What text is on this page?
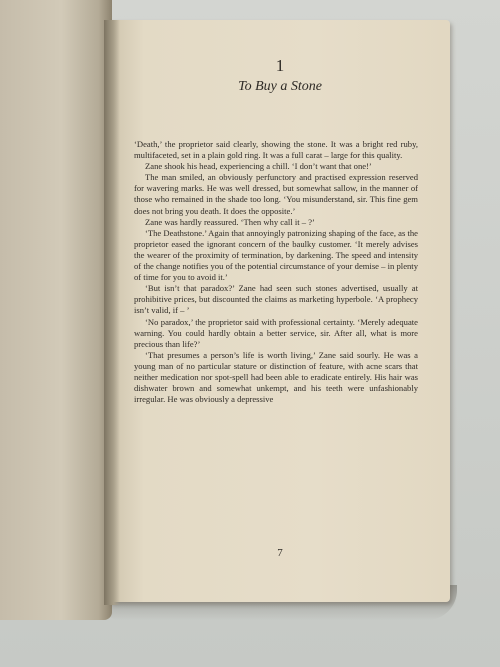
1
To Buy a Stone

‘Death,’ the proprietor said clearly, showing the stone. It was a bright red ruby, multifaceted, set in a plain gold ring. It was a full carat – large for this quality.

Zane shook his head, experiencing a chill. ‘I don’t want that one!’

The man smiled, an obviously perfunctory and practised expression reserved for wavering marks. He was well dressed, but somewhat sallow, in the manner of those who remained in the shade too long. ‘You misunderstand, sir. This fine gem does not bring you death. It does the opposite.’

Zane was hardly reassured. ‘Then why call it – ?’

‘The Deathstone.’ Again that annoyingly patronizing shaping of the face, as the proprietor eased the ignorant concern of the baulky customer. ‘It merely advises the wearer of the proximity of termination, by darkening. The speed and intensity of the change notifies you of the potential circumstance of your demise – in plenty of time for you to avoid it.’

‘But isn’t that paradox?’ Zane had seen such stones advertised, usually at prohibitive prices, but discounted the claims as marketing hyperbole. ‘A prophecy isn’t valid, if – ’

‘No paradox,’ the proprietor said with professional certainty. ‘Merely adequate warning. You could hardly obtain a better service, sir. After all, what is more precious than life?’

‘That presumes a person’s life is worth living,’ Zane said sourly. He was a young man of no particular stature or distinction of feature, with acne scars that neither medication nor spot-spell had been able to eradicate entirely. His hair was dishwater brown and somewhat unkempt, and his teeth were unfashionably irregular. He was obviously a depressive

7
